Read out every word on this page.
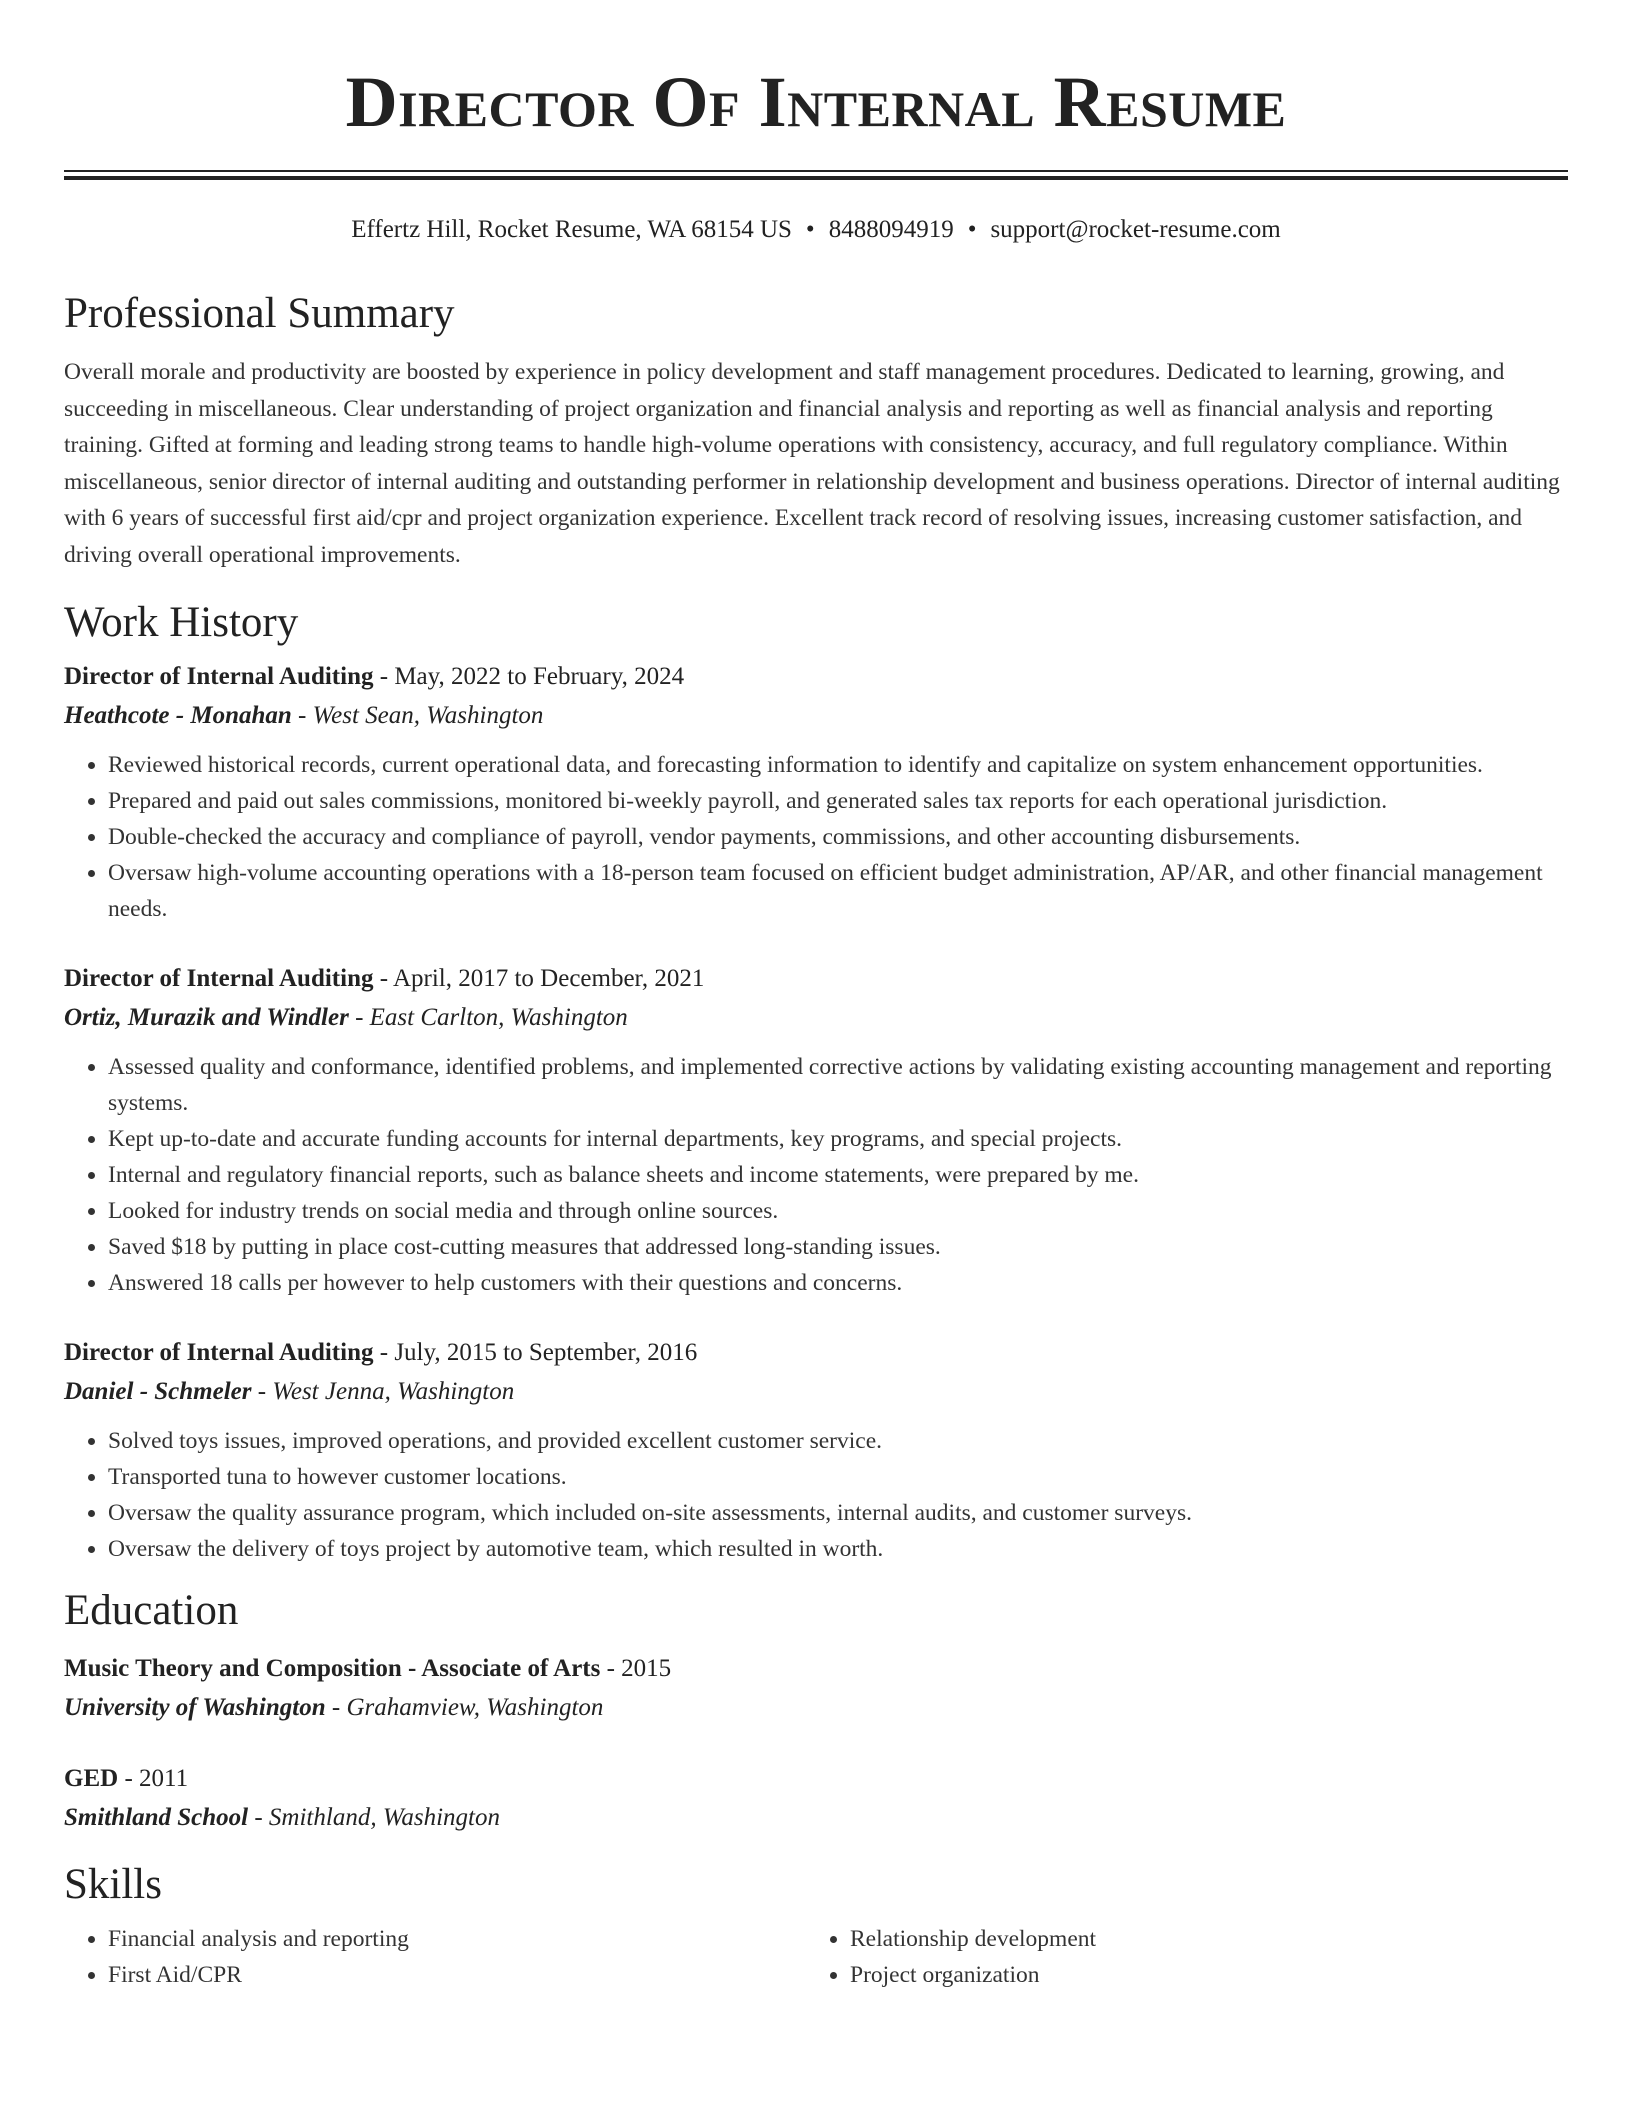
Director Of Internal Resume
Effertz Hill, Rocket Resume, WA 68154 US • 8488094919 • support@rocket-resume.com
Professional Summary

Overall morale and productivity are boosted by experience in policy development and staff management procedures. Dedicated to learning, growing, and succeeding in miscellaneous. Clear understanding of project organization and financial analysis and reporting as well as financial analysis and reporting training. Gifted at forming and leading strong teams to handle high-volume operations with consistency, accuracy, and full regulatory compliance. Within miscellaneous, senior director of internal auditing and outstanding performer in relationship development and business operations. Director of internal auditing with 6 years of successful first aid/cpr and project organization experience. Excellent track record of resolving issues, increasing customer satisfaction, and driving overall operational improvements.

Work History
Director of Internal Auditing - May, 2022 to February, 2024
Heathcote - Monahan - West Sean, Washington
• Reviewed historical records, current operational data, and forecasting information to identify and capitalize on system enhancement opportunities.
• Prepared and paid out sales commissions, monitored bi-weekly payroll, and generated sales tax reports for each operational jurisdiction.
• Double-checked the accuracy and compliance of payroll, vendor payments, commissions, and other accounting disbursements.
• Oversaw high-volume accounting operations with a 18-person team focused on efficient budget administration, AP/AR, and other financial management needs.
Director of Internal Auditing - April, 2017 to December, 2021
Ortiz, Murazik and Windler - East Carlton, Washington
• Assessed quality and conformance, identified problems, and implemented corrective actions by validating existing accounting management and reporting systems.
• Kept up-to-date and accurate funding accounts for internal departments, key programs, and special projects.
• Internal and regulatory financial reports, such as balance sheets and income statements, were prepared by me.
• Looked for industry trends on social media and through online sources.
• Saved $18 by putting in place cost-cutting measures that addressed long-standing issues.
• Answered 18 calls per however to help customers with their questions and concerns.
Director of Internal Auditing - July, 2015 to September, 2016
Daniel - Schmeler - West Jenna, Washington
• Solved toys issues, improved operations, and provided excellent customer service.
• Transported tuna to however customer locations.
• Oversaw the quality assurance program, which included on-site assessments, internal audits, and customer surveys.
• Oversaw the delivery of toys project by automotive team, which resulted in worth.
Education
Music Theory and Composition - Associate of Arts - 2015
University of Washington - Grahamview, Washington
GED - 2011
Smithland School - Smithland, Washington
Skills
• Financial analysis and reporting
• First Aid/CPR
• Relationship development
• Project organization
